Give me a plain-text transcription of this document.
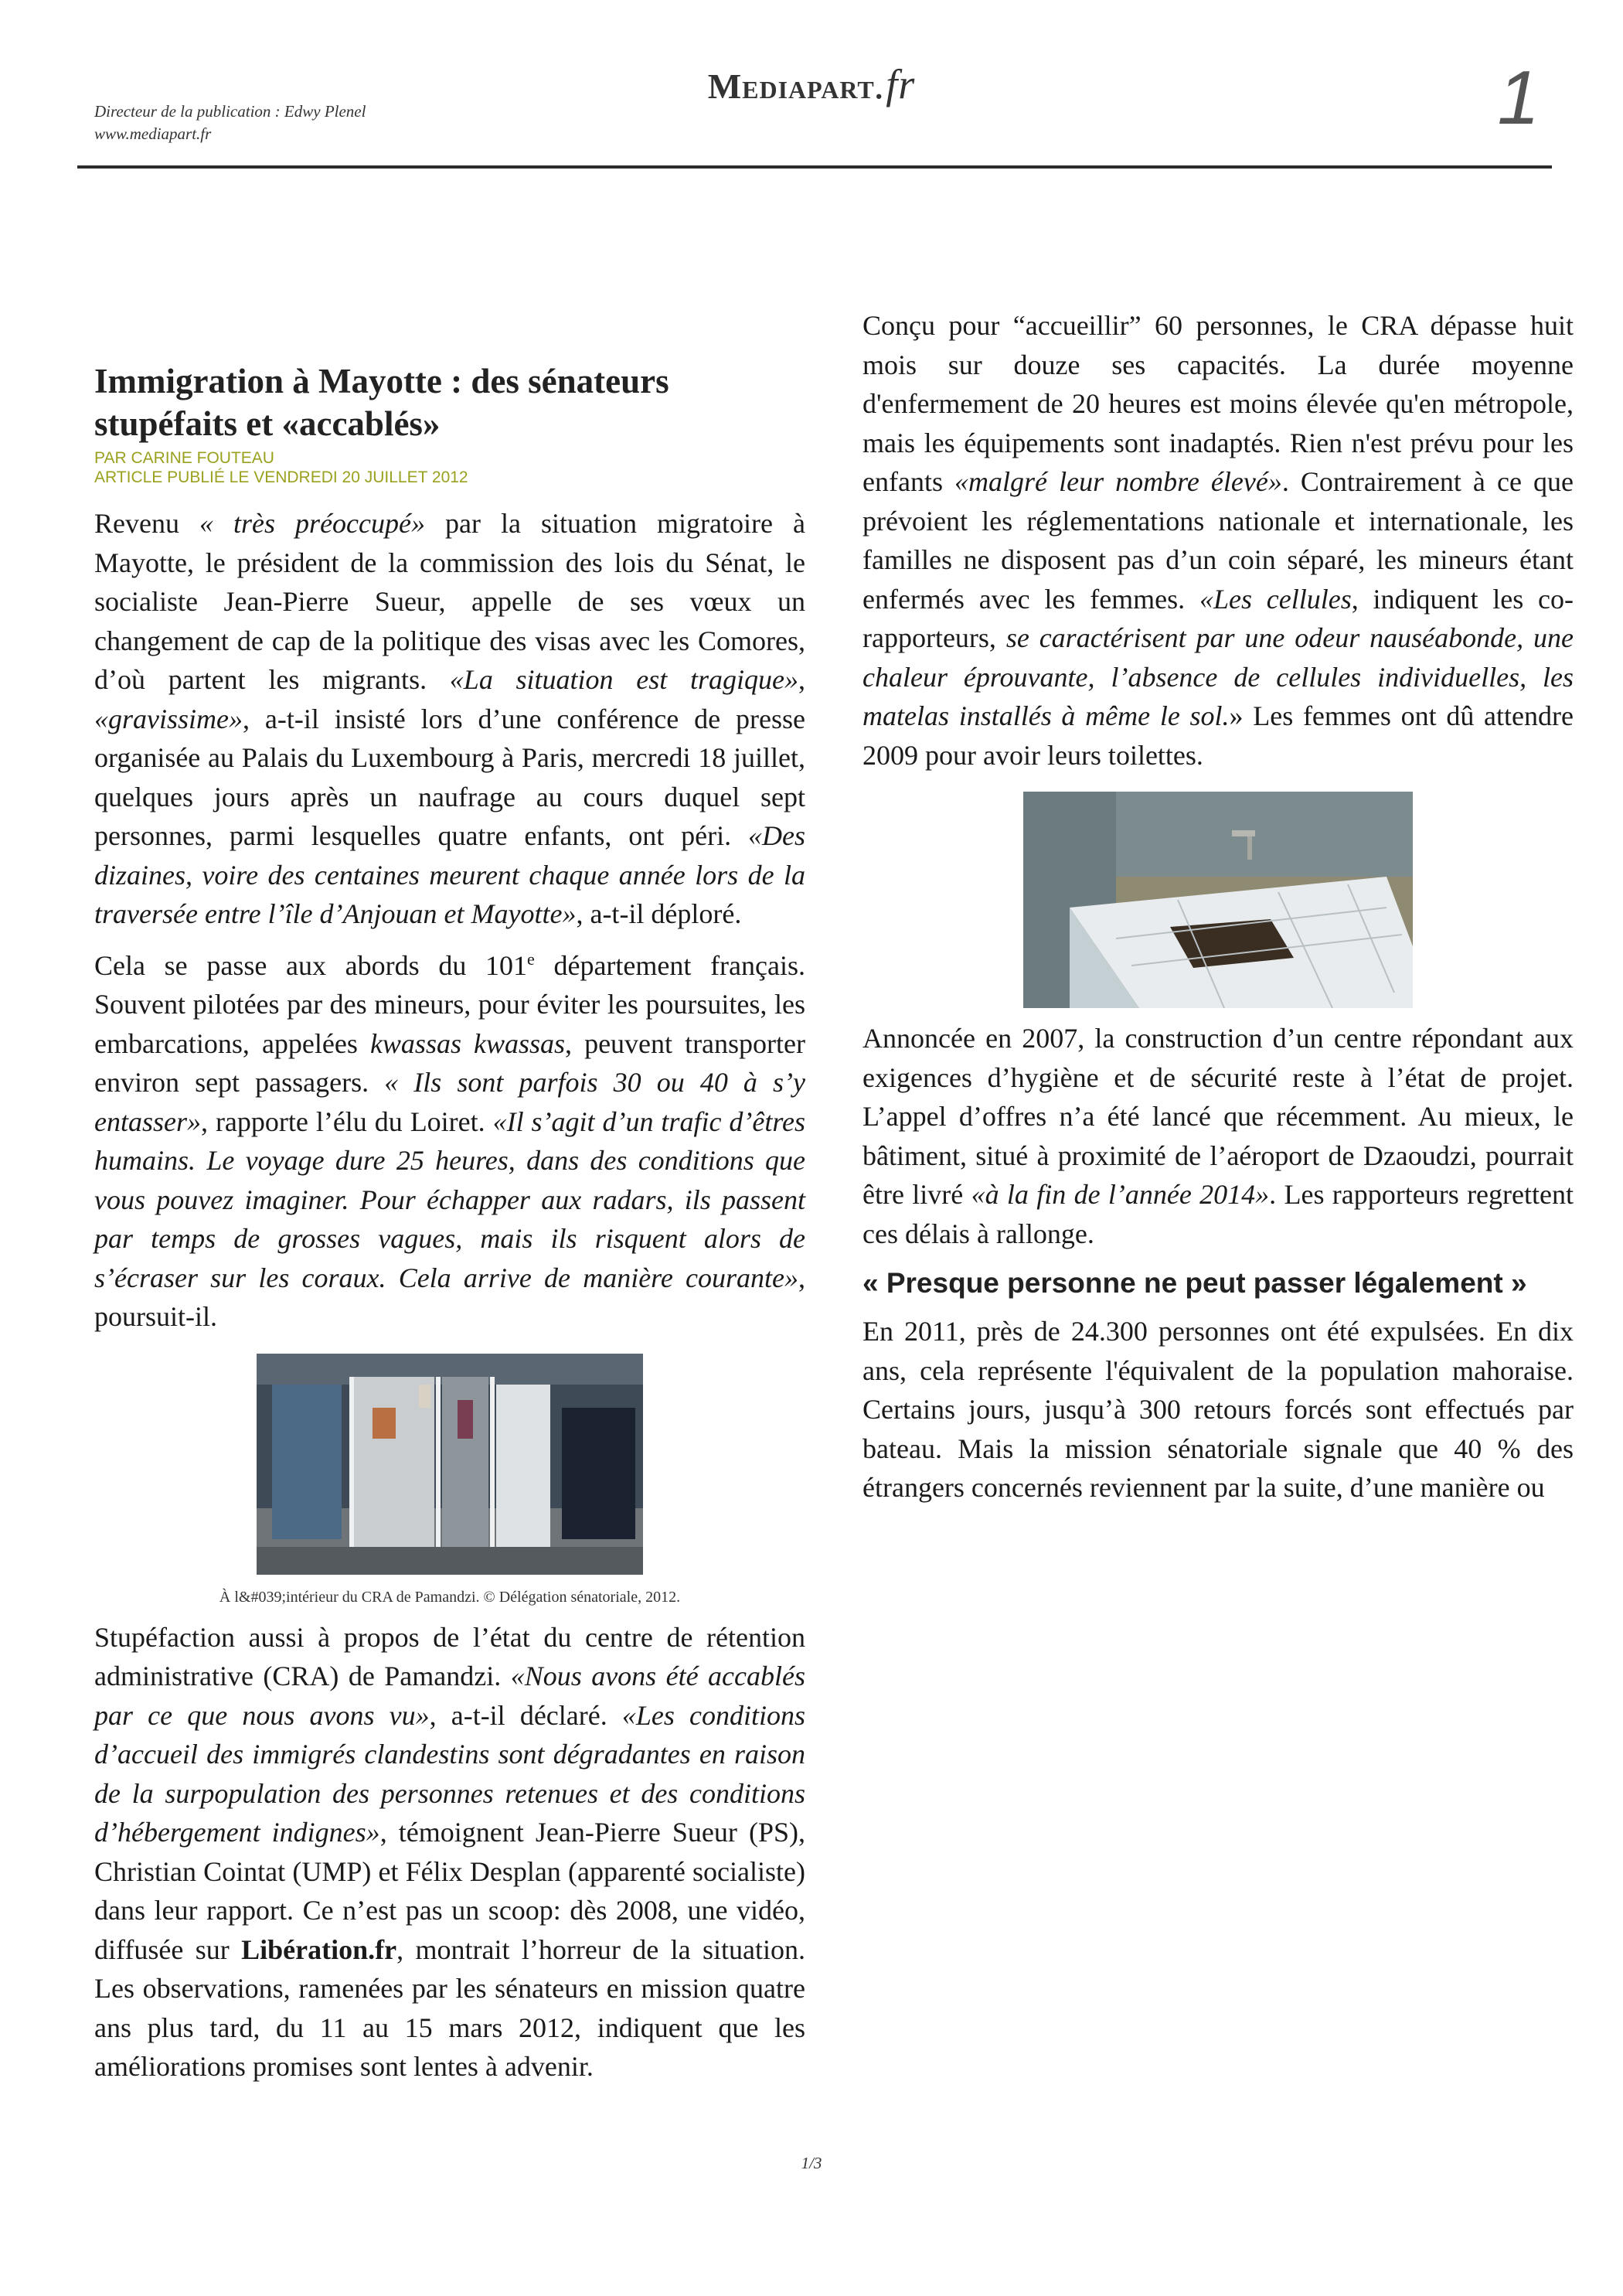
Directeur de la publication : Edwy Plenel
www.mediapart.fr
Mediapart.fr	1
Immigration à Mayotte : des sénateurs stupéfaits et «accablés»
PAR CARINE FOUTEAU
ARTICLE PUBLIÉ LE VENDREDI 20 JUILLET 2012

Revenu « très préoccupé» par la situation migratoire à Mayotte, le président de la commission des lois du Sénat, le socialiste Jean-Pierre Sueur, appelle de ses vœux un changement de cap de la politique des visas avec les Comores, d’où partent les migrants. «La situation est tragique», «gravissime», a-t-il insisté lors d’une conférence de presse organisée au Palais du Luxembourg à Paris, mercredi 18 juillet, quelques jours après un naufrage au cours duquel sept personnes, parmi lesquelles quatre enfants, ont péri. «Des dizaines, voire des centaines meurent chaque année lors de la traversée entre l’île d’Anjouan et Mayotte», a-t-il déploré.

Cela se passe aux abords du 101e département français. Souvent pilotées par des mineurs, pour éviter les poursuites, les embarcations, appelées kwassas kwassas, peuvent transporter environ sept passagers. « Ils sont parfois 30 ou 40 à s’y entasser», rapporte l’élu du Loiret. «Il s’agit d’un trafic d’êtres humains. Le voyage dure 25 heures, dans des conditions que vous pouvez imaginer. Pour échapper aux radars, ils passent par temps de grosses vagues, mais ils risquent alors de s’écraser sur les coraux. Cela arrive de manière courante», poursuit-il.

À l&#039;intérieur du CRA de Pamandzi. © Délégation sénatoriale, 2012.

Stupéfaction aussi à propos de l’état du centre de rétention administrative (CRA) de Pamandzi. «Nous avons été accablés par ce que nous avons vu», a-t-il déclaré. «Les conditions d’accueil des immigrés clandestins sont dégradantes en raison de la surpopulation des personnes retenues et des conditions d’hébergement indignes», témoignent Jean-Pierre Sueur (PS), Christian Cointat (UMP) et Félix Desplan (apparenté socialiste) dans leur rapport. Ce n’est pas un scoop: dès 2008, une vidéo, diffusée sur Libération.fr, montrait l’horreur de la situation. Les observations, ramenées par les sénateurs en mission quatre ans plus tard, du 11 au 15 mars 2012, indiquent que les améliorations promises sont lentes à advenir.

Conçu pour “accueillir” 60 personnes, le CRA dépasse huit mois sur douze ses capacités. La durée moyenne d'enfermement de 20 heures est moins élevée qu'en métropole, mais les équipements sont inadaptés. Rien n'est prévu pour les enfants «malgré leur nombre élevé». Contrairement à ce que prévoient les réglementations nationale et internationale, les familles ne disposent pas d’un coin séparé, les mineurs étant enfermés avec les femmes. «Les cellules, indiquent les co-rapporteurs, se caractérisent par une odeur nauséabonde, une chaleur éprouvante, l’absence de cellules individuelles, les matelas installés à même le sol.» Les femmes ont dû attendre 2009 pour avoir leurs toilettes.

Annoncée en 2007, la construction d’un centre répondant aux exigences d’hygiène et de sécurité reste à l’état de projet. L’appel d’offres n’a été lancé que récemment. Au mieux, le bâtiment, situé à proximité de l’aéroport de Dzaoudzi, pourrait être livré «à la fin de l’année 2014». Les rapporteurs regrettent ces délais à rallonge.

« Presque personne ne peut passer légalement »

En 2011, près de 24.300 personnes ont été expulsées. En dix ans, cela représente l'équivalent de la population mahoraise. Certains jours, jusqu’à 300 retours forcés sont effectués par bateau. Mais la mission sénatoriale signale que 40 % des étrangers concernés reviennent par la suite, d’une manière ou

1/3
